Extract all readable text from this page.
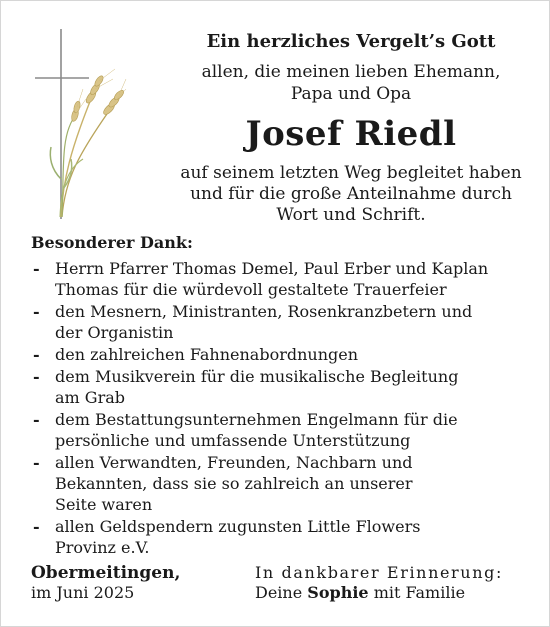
Ein herzliches Vergelt’s Gott
allen, die meinen lieben Ehemann,
Papa und Opa
Josef Riedl
auf seinem letzten Weg begleitet haben
und für die große Anteilnahme durch
Wort und Schrift.
Besonderer Dank:
- Herrn Pfarrer Thomas Demel, Paul Erber und Kaplan
Thomas für die würdevoll gestaltete Trauerfeier
- den Mesnern, Ministranten, Rosenkranzbetern und
der Organistin
- den zahlreichen Fahnenabordnungen
- dem Musikverein für die musikalische Begleitung
am Grab
- dem Bestattungsunternehmen Engelmann für die
persönliche und umfassende Unterstützung
- allen Verwandten, Freunden, Nachbarn und
Bekannten, dass sie so zahlreich an unserer
Seite waren
- allen Geldspendern zugunsten Little Flowers
Provinz e.V.
Obermeitingen,
im Juni 2025
In dankbarer Erinnerung:
Deine Sophie mit Familie
